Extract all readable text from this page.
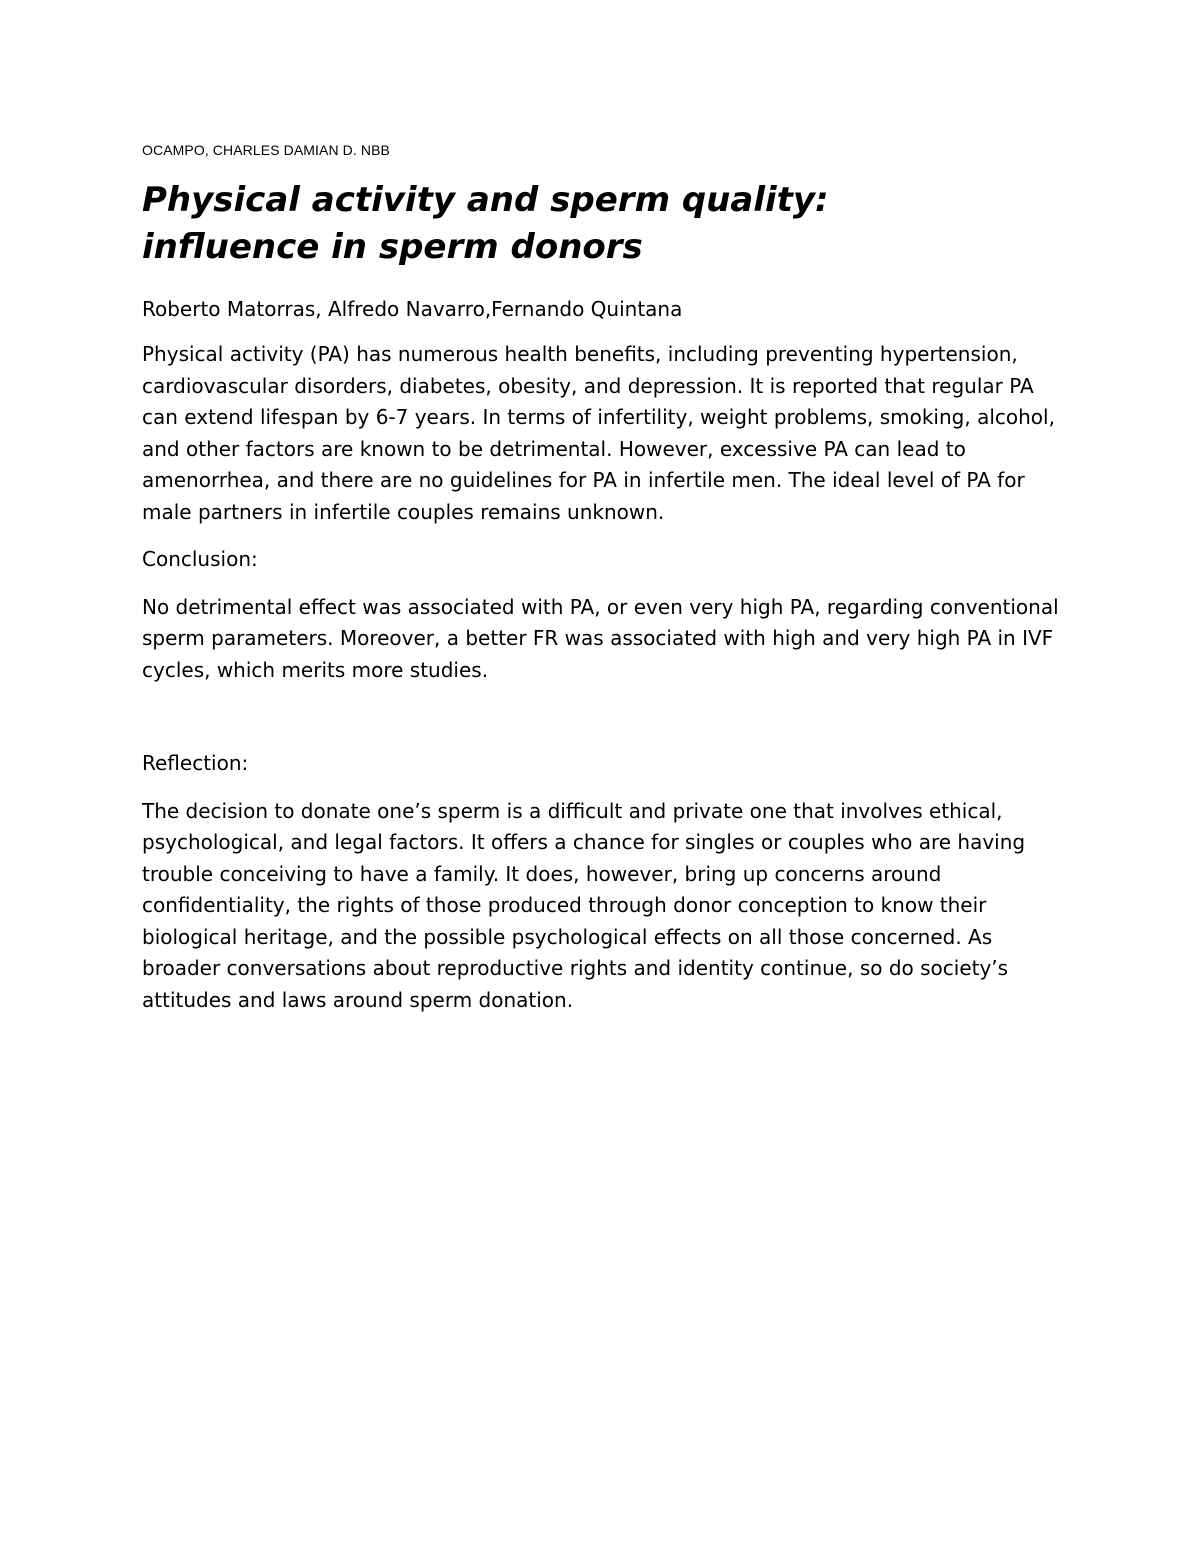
OCAMPO, CHARLES DAMIAN D. NBB

Physical activity and sperm quality:
influence in sperm donors

Roberto Matorras, Alfredo Navarro,Fernando Quintana

Physical activity (PA) has numerous health benefits, including preventing hypertension, cardiovascular disorders, diabetes, obesity, and depression. It is reported that regular PA can extend lifespan by 6-7 years. In terms of infertility, weight problems, smoking, alcohol, and other factors are known to be detrimental. However, excessive PA can lead to amenorrhea, and there are no guidelines for PA in infertile men. The ideal level of PA for male partners in infertile couples remains unknown.

Conclusion:

No detrimental effect was associated with PA, or even very high PA, regarding conventional sperm parameters. Moreover, a better FR was associated with high and very high PA in IVF cycles, which merits more studies.

Reflection:

The decision to donate one’s sperm is a difficult and private one that involves ethical, psychological, and legal factors. It offers a chance for singles or couples who are having trouble conceiving to have a family. It does, however, bring up concerns around confidentiality, the rights of those produced through donor conception to know their biological heritage, and the possible psychological effects on all those concerned. As broader conversations about reproductive rights and identity continue, so do society’s attitudes and laws around sperm donation.
